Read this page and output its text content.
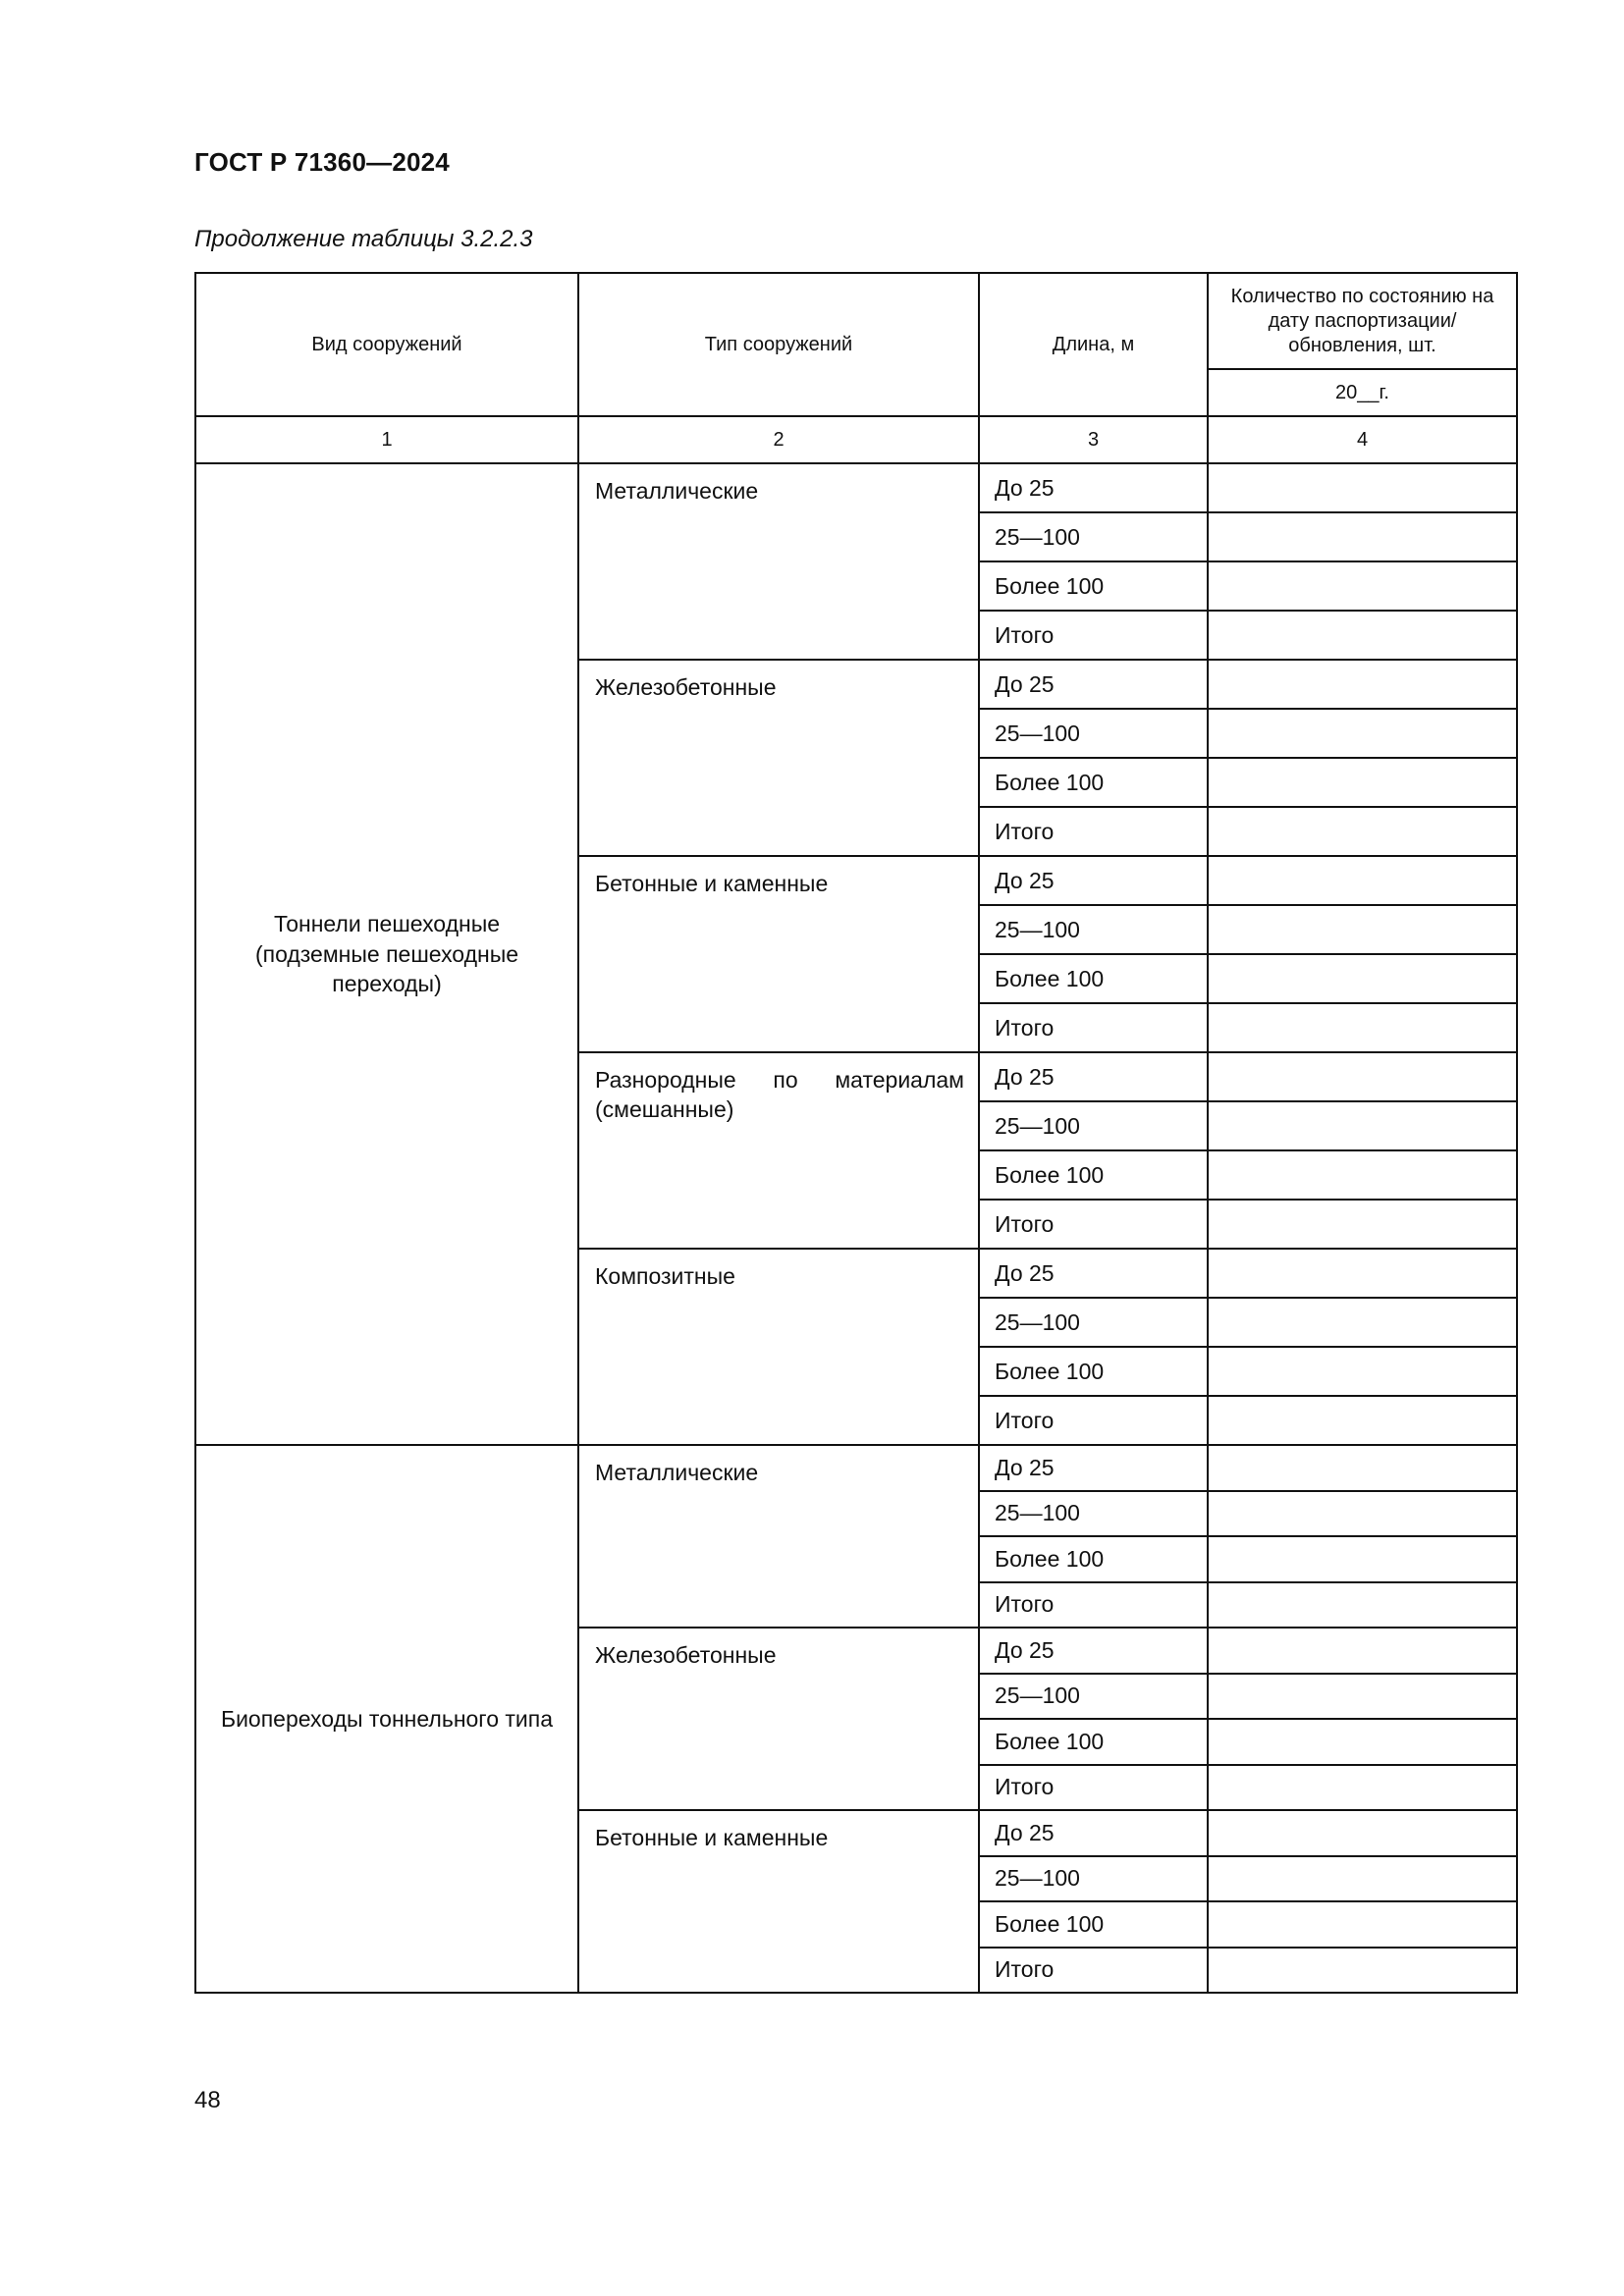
ГОСТ Р 71360—2024
Продолжение таблицы 3.2.2.3
Вид сооружений	Тип сооружений	Длина, м	Количество по состоянию на дату паспортизации/ обновления, шт.
			20__г.
1	2	3	4
Тоннели пешеходные (подземные пешеходные переходы)	Металлические	До 25	
		25—100	
		Более 100	
		Итого	
	Железобетонные	До 25	
		25—100	
		Более 100	
		Итого	
	Бетонные и каменные	До 25	
		25—100	
		Более 100	
		Итого	
	Разнородные по материалам (смешанные)	До 25	
		25—100	
		Более 100	
		Итого	
	Композитные	До 25	
		25—100	
		Более 100	
		Итого	
Биопереходы тоннельного типа	Металлические	До 25	
		25—100	
		Более 100	
		Итого	
	Железобетонные	До 25	
		25—100	
		Более 100	
		Итого	
	Бетонные и каменные	До 25	
		25—100	
		Более 100	
		Итого	
48
